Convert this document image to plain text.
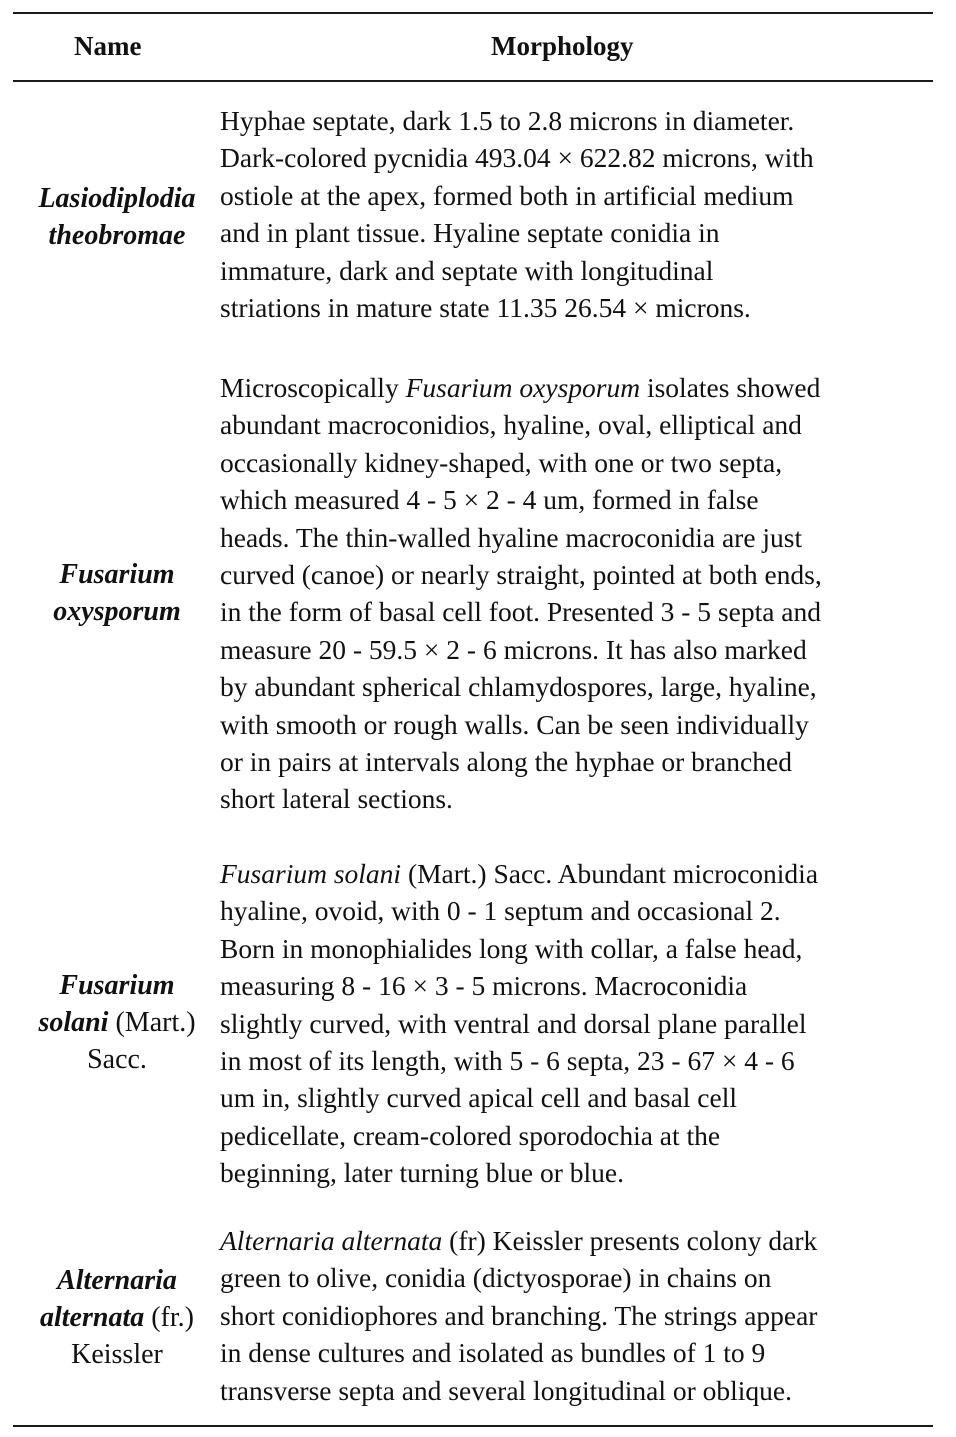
Name	Morphology
Lasiodiplodia
theobromae
Hyphae septate, dark 1.5 to 2.8 microns in diameter.
Dark-colored pycnidia 493.04 × 622.82 microns, with
ostiole at the apex, formed both in artificial medium
and in plant tissue. Hyaline septate conidia in
immature, dark and septate with longitudinal
striations in mature state 11.35 26.54 × microns.
Fusarium
oxysporum
Microscopically Fusarium oxysporum isolates showed
abundant macroconidios, hyaline, oval, elliptical and
occasionally kidney-shaped, with one or two septa,
which measured 4 - 5 × 2 - 4 um, formed in false
heads. The thin-walled hyaline macroconidia are just
curved (canoe) or nearly straight, pointed at both ends,
in the form of basal cell foot. Presented 3 - 5 septa and
measure 20 - 59.5 × 2 - 6 microns. It has also marked
by abundant spherical chlamydospores, large, hyaline,
with smooth or rough walls. Can be seen individually
or in pairs at intervals along the hyphae or branched
short lateral sections.
Fusarium
solani (Mart.)
Sacc.
Fusarium solani (Mart.) Sacc. Abundant microconidia
hyaline, ovoid, with 0 - 1 septum and occasional 2.
Born in monophialides long with collar, a false head,
measuring 8 - 16 × 3 - 5 microns. Macroconidia
slightly curved, with ventral and dorsal plane parallel
in most of its length, with 5 - 6 septa, 23 - 67 × 4 - 6
um in, slightly curved apical cell and basal cell
pedicellate, cream-colored sporodochia at the
beginning, later turning blue or blue.
Alternaria
alternata (fr.)
Keissler
Alternaria alternata (fr) Keissler presents colony dark
green to olive, conidia (dictyosporae) in chains on
short conidiophores and branching. The strings appear
in dense cultures and isolated as bundles of 1 to 9
transverse septa and several longitudinal or oblique.
